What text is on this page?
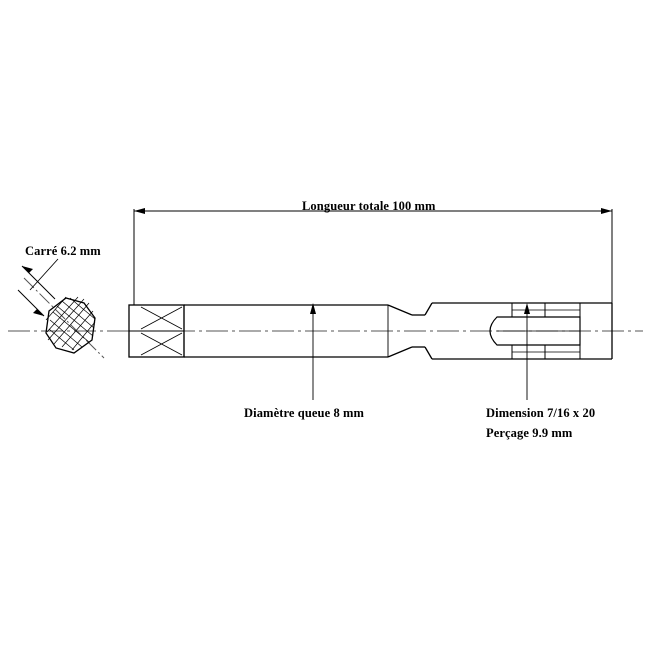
Longueur totale 100 mm
Carré 6.2 mm
Diamètre queue 8 mm	Dimension 7/16 x 20
Perçage 9.9 mm
